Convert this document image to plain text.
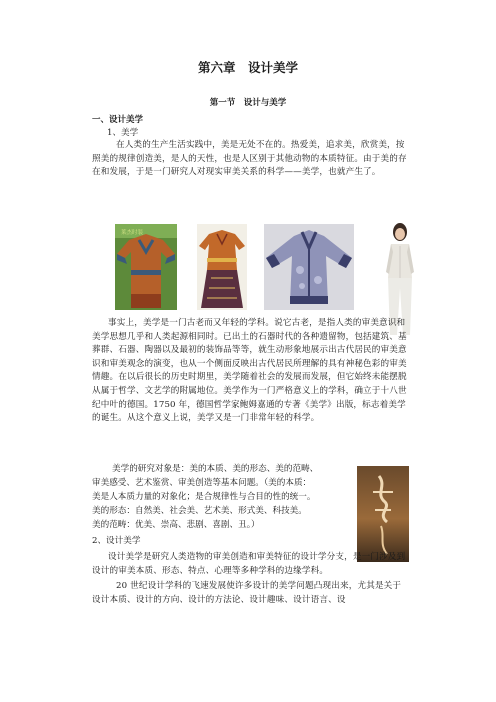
第六章　设计美学
第一节　设计与美学
一、设计美学
1、美学
在人类的生产生活实践中，美是无处不在的。热爱美，追求美，欣赏美，按照美的规律创造美，是人的天性，也是人区别于其他动物的本质特征。由于美的存在和发展，于是一门研究人对现实审美关系的科学——美学，也就产生了。
莱杰时装
事实上，美学是一门古老而又年轻的学科。说它古老，是指人类的审美意识和美学思想几乎和人类起源相同时。已出土的石器时代的各种遗留物，包括建筑、基葬群、石器、陶器以及最初的装饰品等等，就生动形象地展示出古代居民的审美意识和审美观念的演变，也从一个侧面反映出古代居民所理解的具有神秘色彩的审美情趣。在以后很长的历史时期里，美学随着社会的发展而发展，但它始终未能摆脱从属于哲学、文艺学的附属地位。美学作为一门严格意义上的学科，确立于十八世纪中叶的德国。1750 年，德国哲学家鲍姆嘉通的专著《美学》出版，标志着美学的诞生。从这个意义上说，美学又是一门非常年轻的科学。
美学的研究对象是：美的本质、美的形态、美的范畴、
审美感受、艺术鉴赏、审美创造等基本问题。（美的本质：
美是人本质力量的对象化；是合规律性与合目的性的统一。
美的形态：自然美、社会美、艺术美、形式美、科技美。
美的范畴：优美、崇高、悲剧、喜剧、丑。）
2、设计美学
设计美学是研究人类造物的审美创造和审美特征的设计学分支，是一门涉及到设计的审美本质、形态、特点、心理等多种学科的边缘学科。
20 世纪设计学科的飞速发展使许多设计的美学问题凸现出来，尤其是关于设计本质、设计的方向、设计的方法论、设计趣味、设计语言、设
